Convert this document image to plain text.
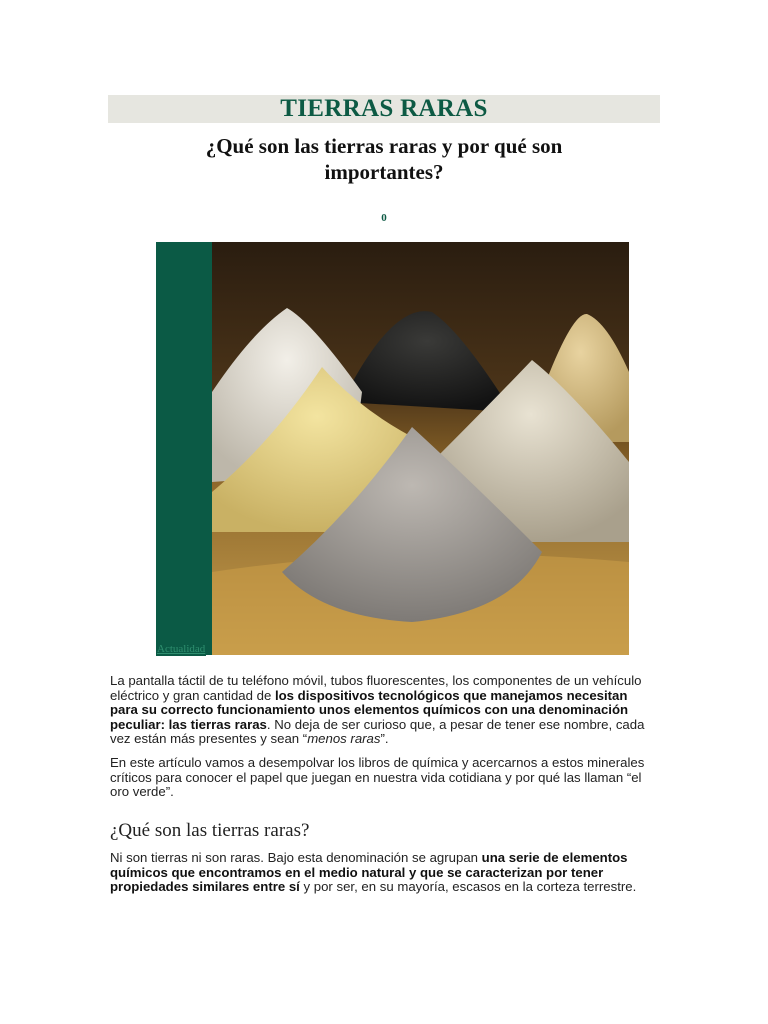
TIERRAS RARAS
¿Qué son las tierras raras y por qué son importantes?
0
Actualidad

La pantalla táctil de tu teléfono móvil, tubos fluorescentes, los componentes de un vehículo eléctrico y gran cantidad de los dispositivos tecnológicos que manejamos necesitan para su correcto funcionamiento unos elementos químicos con una denominación peculiar: las tierras raras. No deja de ser curioso que, a pesar de tener ese nombre, cada vez están más presentes y sean “menos raras”.

En este artículo vamos a desempolvar los libros de química y acercarnos a estos minerales críticos para conocer el papel que juegan en nuestra vida cotidiana y por qué las llaman “el oro verde”.

¿Qué son las tierras raras?

Ni son tierras ni son raras. Bajo esta denominación se agrupan una serie de elementos químicos que encontramos en el medio natural y que se caracterizan por tener propiedades similares entre sí y por ser, en su mayoría, escasos en la corteza terrestre.
